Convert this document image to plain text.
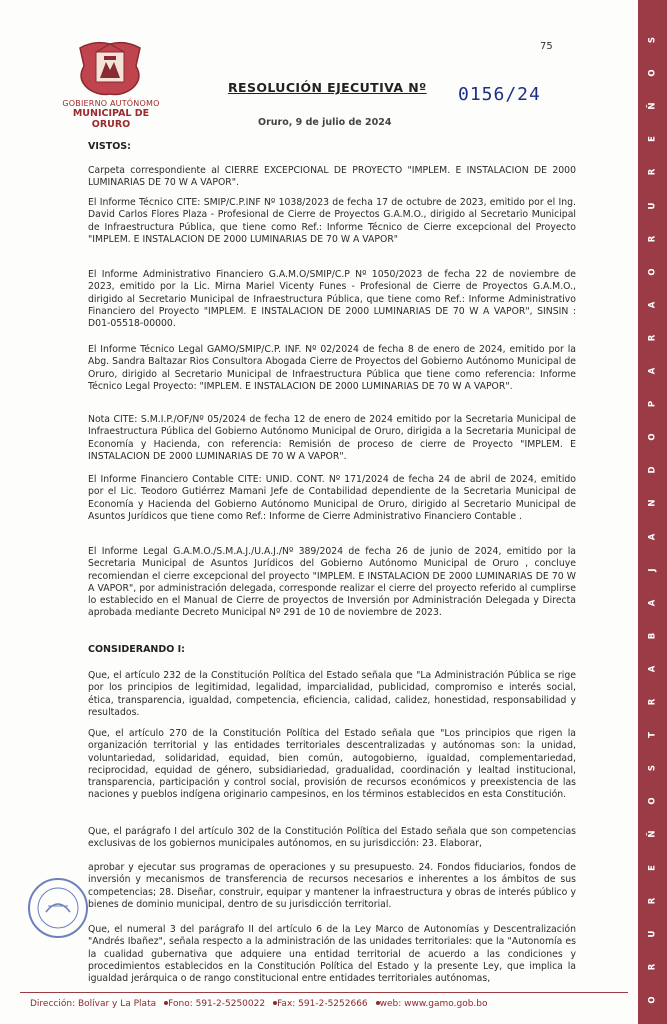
GOBIERNO AUTÓNOMO
MUNICIPAL DE ORURO
75
RESOLUCIÓN EJECUTIVA Nº 0156/24
Oruro, 9 de julio de 2024

VISTOS:

Carpeta correspondiente al CIERRE EXCEPCIONAL DE PROYECTO "IMPLEM. E INSTALACION DE 2000 LUMINARIAS DE 70 W A VAPOR".

El Informe Técnico CITE: SMIP/C.P.INF Nº 1038/2023 de fecha 17 de octubre de 2023, emitido por el Ing. David Carlos Flores Plaza - Profesional de Cierre de Proyectos G.A.M.O., dirigido al Secretario Municipal de Infraestructura Pública, que tiene como Ref.: Informe Técnico de Cierre excepcional del Proyecto "IMPLEM. E INSTALACION DE 2000 LUMINARIAS DE 70 W A VAPOR"

El Informe Administrativo Financiero G.A.M.O/SMIP/C.P Nº 1050/2023 de fecha 22 de noviembre de 2023, emitido por la Lic. Mirna Mariel Vicenty Funes - Profesional de Cierre de Proyectos G.A.M.O., dirigido al Secretario Municipal de Infraestructura Pública, que tiene como Ref.: Informe Administrativo Financiero del Proyecto "IMPLEM. E INSTALACION DE 2000 LUMINARIAS DE 70 W A VAPOR", SINSIN : D01-05518-00000.

El Informe Técnico Legal GAMO/SMIP/C.P. INF. Nº 02/2024 de fecha 8 de enero de 2024, emitido por la Abg. Sandra Baltazar Rios Consultora Abogada Cierre de Proyectos del Gobierno Autónomo Municipal de Oruro, dirigido al Secretario Municipal de Infraestructura Pública que tiene como referencia: Informe Técnico Legal Proyecto: "IMPLEM. E INSTALACION DE 2000 LUMINARIAS DE 70 W A VAPOR".

Nota CITE: S.M.I.P./OF/Nº 05/2024 de fecha 12 de enero de 2024 emitido por la Secretaria Municipal de Infraestructura Pública del Gobierno Autónomo Municipal de Oruro, dirigida a la Secretaria Municipal de Economía y Hacienda, con referencia: Remisión de proceso de cierre de Proyecto "IMPLEM. E INSTALACION DE 2000 LUMINARIAS DE 70 W A VAPOR".

El Informe Financiero Contable CITE: UNID. CONT. Nº 171/2024 de fecha 24 de abril de 2024, emitido por el Lic. Teodoro Gutiérrez Mamani Jefe de Contabilidad dependiente de la Secretaria Municipal de Economía y Hacienda del Gobierno Autónomo Municipal de Oruro, dirigido al Secretario Municipal de Asuntos Jurídicos que tiene como Ref.: Informe de Cierre Administrativo Financiero Contable .

El Informe Legal G.A.M.O./S.M.A.J./U.A.J./Nº 389/2024 de fecha 26 de junio de 2024, emitido por la Secretaria Municipal de Asuntos Jurídicos del Gobierno Autónomo Municipal de Oruro , concluye recomiendan el cierre excepcional del proyecto "IMPLEM. E INSTALACION DE 2000 LUMINARIAS DE 70 W A VAPOR", por administración delegada, corresponde realizar el cierre del proyecto referido al cumplirse lo establecido en el Manual de Cierre de proyectos de Inversión por Administración Delegada y Directa aprobada mediante Decreto Municipal Nº 291 de 10 de noviembre de 2023.

CONSIDERANDO I:

Que, el artículo 232 de la Constitución Política del Estado señala que "La Administración Pública se rige por los principios de legitimidad, legalidad, imparcialidad, publicidad, compromiso e interés social, ética, transparencia, igualdad, competencia, eficiencia, calidad, calidez, honestidad, responsabilidad y resultados.

Que, el artículo 270 de la Constitución Política del Estado señala que "Los principios que rigen la organización territorial y las entidades territoriales descentralizadas y autónomas son: la unidad, voluntariedad, solidaridad, equidad, bien común, autogobierno, igualdad, complementariedad, reciprocidad, equidad de género, subsidiariedad, gradualidad, coordinación y lealtad institucional, transparencia, participación y control social, provisión de recursos económicos y preexistencia de las naciones y pueblos indígena originario campesinos, en los términos establecidos en esta Constitución.

Que, el parágrafo I del artículo 302 de la Constitución Política del Estado señala que son competencias exclusivas de los gobiernos municipales autónomos, en su jurisdicción: 23. Elaborar,

aprobar y ejecutar sus programas de operaciones y su presupuesto. 24. Fondos fiduciarios, fondos de inversión y mecanismos de transferencia de recursos necesarios e inherentes a los ámbitos de sus competencias; 28. Diseñar, construir, equipar y mantener la infraestructura y obras de interés público y bienes de dominio municipal, dentro de su jurisdicción territorial.

Que, el numeral 3 del parágrafo II del artículo 6 de la Ley Marco de Autonomías y Descentralización "Andrés Ibañez", señala respecto a la administración de las unidades territoriales: que la "Autonomía es la cualidad gubernativa que adquiere una entidad territorial de acuerdo a las condiciones y procedimientos establecidos en la Constitución Política del Estado y la presente Ley, que implica la igualdad jerárquica o de rango constitucional entre entidades territoriales autónomas,

Dirección: Bolívar y La Plata Fono: 591-2-5250022 Fax: 591-2-5252666 web: www.gamo.gob.bo	O
R
U
R
E
Ñ
O
S
T
R
A
B
A
J
A
N
D
O
P
A
R
A
O
R
U
R
E
Ñ
O
S
